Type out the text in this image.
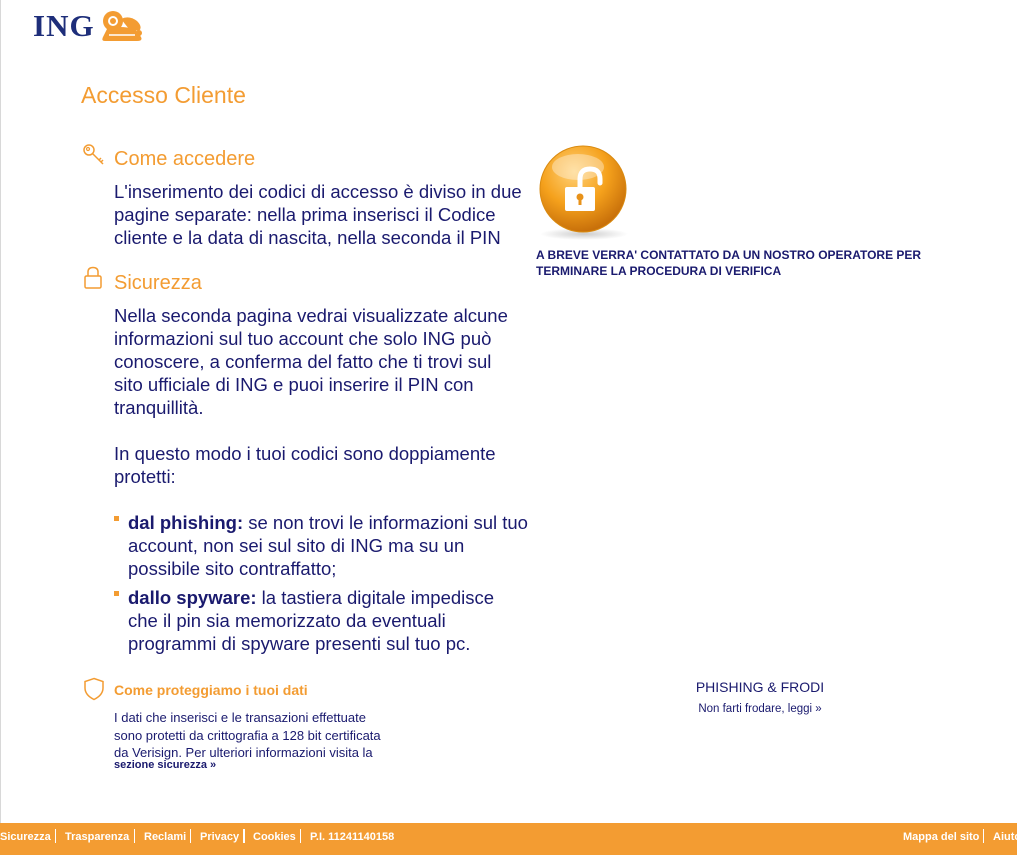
ING
Accesso Cliente
Come accedere
L'inserimento dei codici di accesso è diviso in due
pagine separate: nella prima inserisci il Codice
cliente e la data di nascita, nella seconda il PIN
Sicurezza
Nella seconda pagina vedrai visualizzate alcune
informazioni sul tuo account che solo ING può
conoscere, a conferma del fatto che ti trovi sul
sito ufficiale di ING e puoi inserire il PIN con
tranquillità.
In questo modo i tuoi codici sono doppiamente
protetti:
dal phishing: se non trovi le informazioni sul tuo account, non sei sul sito di ING ma su un possibile sito contraffatto;
dallo spyware: la tastiera digitale impedisce che il pin sia memorizzato da eventuali programmi di spyware presenti sul tuo pc.
Come proteggiamo i tuoi dati
I dati che inserisci e le transazioni effettuate
sono protetti da crittografia a 128 bit certificata
da Verisign. Per ulteriori informazioni visita la
sezione sicurezza »
A BREVE VERRA' CONTATTATO DA UN NOSTRO OPERATORE PER
TERMINARE LA PROCEDURA DI VERIFICA
PHISHING & FRODI
Non farti frodare, leggi »
Sicurezza Trasparenza Reclami Privacy Cookies P.I. 11241140158	Mappa del sito Aiuto
